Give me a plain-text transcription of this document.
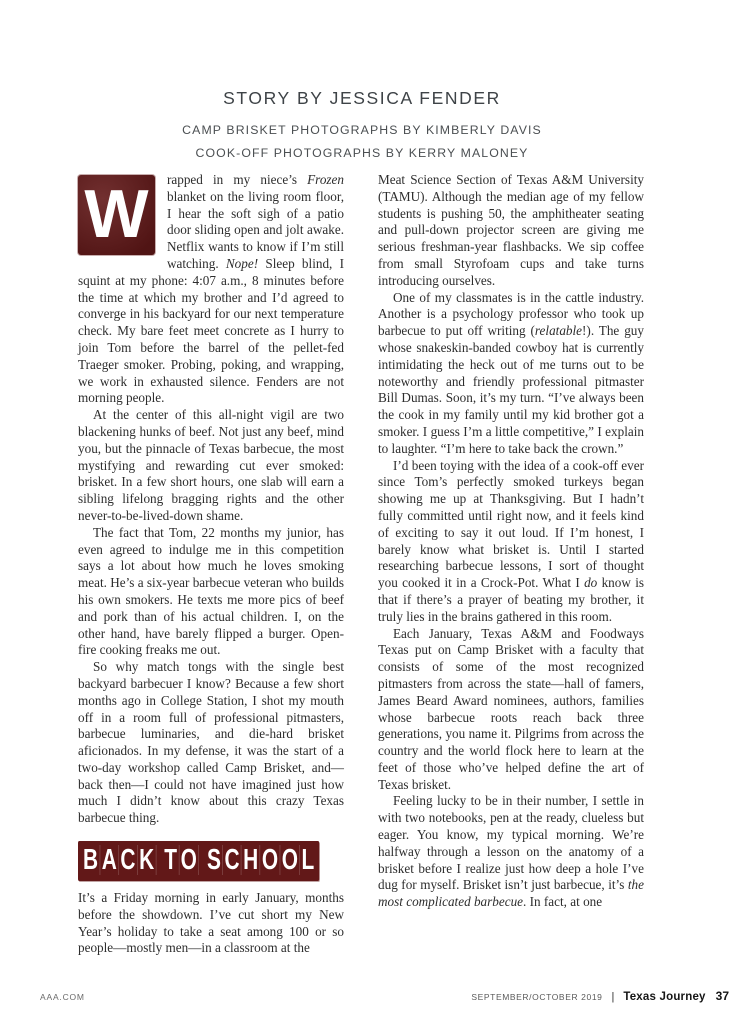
STORY BY JESSICA FENDER
CAMP BRISKET PHOTOGRAPHS BY KIMBERLY DAVIS
COOK-OFF PHOTOGRAPHS BY KERRY MALONEY

W	rapped in my niece’s Frozen blanket on the living room floor, I hear the soft sigh of a patio door sliding open and jolt awake. Netflix wants to know if I’m still watching. Nope! Sleep blind, I squint at my phone: 4:07 a.m., 8 minutes before the time at which my brother and I’d agreed to converge in his backyard for our next temperature check. My bare feet meet concrete as I hurry to join Tom before the barrel of the pellet-fed Traeger smoker. Probing, poking, and wrapping, we work in exhausted silence. Fenders are not morning people.

At the center of this all-night vigil are two blackening hunks of beef. Not just any beef, mind you, but the pinnacle of Texas barbecue, the most mystifying and rewarding cut ever smoked: brisket. In a few short hours, one slab will earn a sibling lifelong bragging rights and the other never-to-be-lived-down shame.

The fact that Tom, 22 months my junior, has even agreed to indulge me in this competition says a lot about how much he loves smoking meat. He’s a six-year barbecue veteran who builds his own smokers. He texts me more pics of beef and pork than of his actual children. I, on the other hand, have barely flipped a burger. Open-fire cooking freaks me out.

So why match tongs with the single best backyard barbecuer I know? Because a few short months ago in College Station, I shot my mouth off in a room full of professional pitmasters, barbecue luminaries, and die-hard brisket aficionados. In my defense, it was the start of a two-day workshop called Camp Brisket, and—back then—I could not have imagined just how much I didn’t know about this crazy Texas barbecue thing.

B A C K T O S C H O O L

It’s a Friday morning in early January, months before the showdown. I’ve cut short my New Year’s holiday to take a seat among 100 or so people—mostly men—in a classroom at the

Meat Science Section of Texas A&M University (TAMU). Although the median age of my fellow students is pushing 50, the amphitheater seating and pull-down projector screen are giving me serious freshman-year flashbacks. We sip coffee from small Styrofoam cups and take turns introducing ourselves.

One of my classmates is in the cattle industry. Another is a psychology professor who took up barbecue to put off writing (relatable!). The guy whose snakeskin-banded cowboy hat is currently intimidating the heck out of me turns out to be noteworthy and friendly professional pitmaster Bill Dumas. Soon, it’s my turn. “I’ve always been the cook in my family until my kid brother got a smoker. I guess I’m a little competitive,” I explain to laughter. “I’m here to take back the crown.”

I’d been toying with the idea of a cook-off ever since Tom’s perfectly smoked turkeys began showing me up at Thanksgiving. But I hadn’t fully committed until right now, and it feels kind of exciting to say it out loud. If I’m honest, I barely know what brisket is. Until I started researching barbecue lessons, I sort of thought you cooked it in a Crock-Pot. What I do know is that if there’s a prayer of beating my brother, it truly lies in the brains gathered in this room.

Each January, Texas A&M and Foodways Texas put on Camp Brisket with a faculty that consists of some of the most recognized pitmasters from across the state—hall of famers, James Beard Award nominees, authors, families whose barbecue roots reach back three generations, you name it. Pilgrims from across the country and the world flock here to learn at the feet of those who’ve helped define the art of Texas brisket.

Feeling lucky to be in their number, I settle in with two notebooks, pen at the ready, clueless but eager. You know, my typical morning. We’re halfway through a lesson on the anatomy of a brisket before I realize just how deep a hole I’ve dug for myself. Brisket isn’t just barbecue, it’s the most complicated barbecue. In fact, at one

AAA.COM	SEPTEMBER/OCTOBER 2019 | Texas Journey 37
